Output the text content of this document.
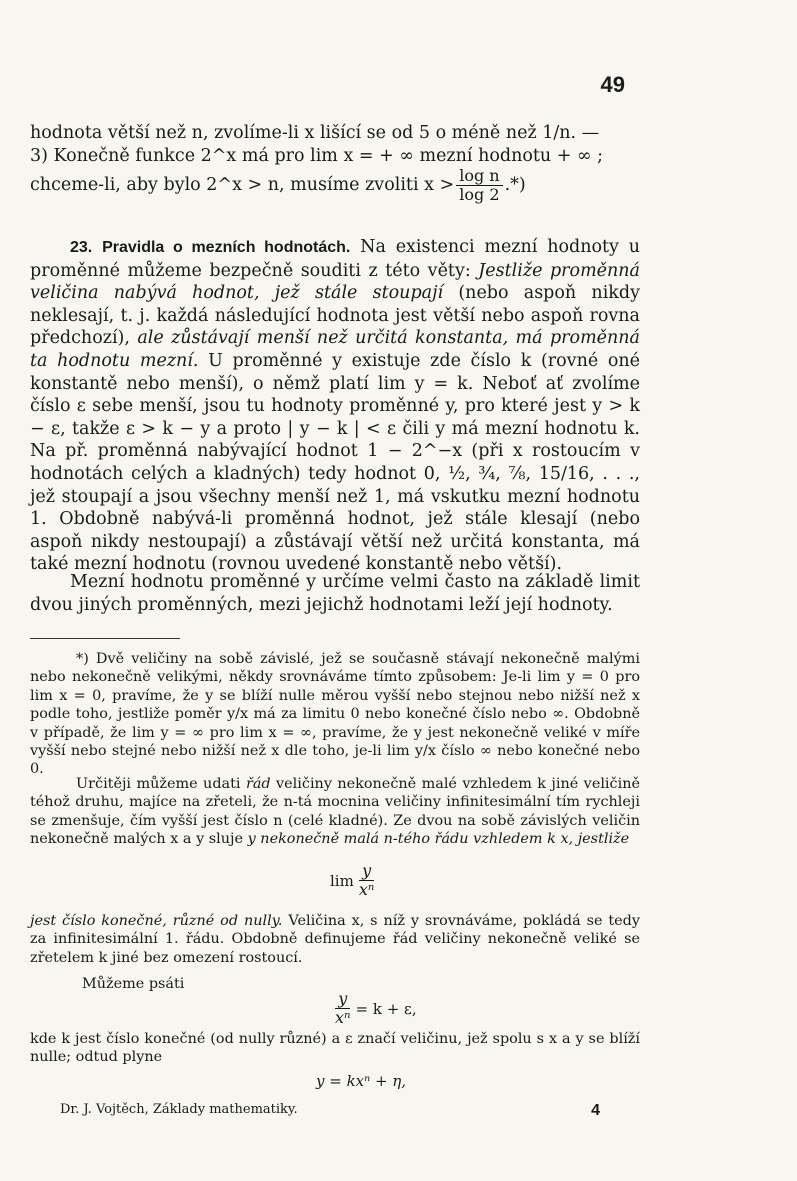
49
hodnota větší než n, zvolíme-li x lišící se od 5 o méně než 1/n. —
3) Konečně funkce 2^x má pro lim x = + ∞ mezní hodnotu + ∞ ;
chceme-li, aby bylo 2^x > n, musíme zvoliti $x > \frac{\text{log n}}{\log 2}$ .*)
23. Pravidla o mezních hodnotách. Na existenci mezní hodnoty u proměnné můžeme bezpečně souditi z této věty: Jestliže proměnná veličina nabývá hodnot, jež stále stoupají (nebo aspoň nikdy neklesají, t. j. každá následující hodnota jest větší nebo aspoň rovna předchozí), ale zůstávají menší než určitá konstanta, má proměnná ta hodnotu mezní. U proměnné y existuje zde číslo k (rovné oné konstantě nebo menší), o němž platí lim y = k. Neboť ať zvolíme číslo ε sebe menší, jsou tu hodnoty proměnné y, pro které jest y > k − ε, takže ε > k − y a proto | y − k | < ε čili y má mezní hodnotu k. Na př. proměnná nabývající hodnot 1 − 2^−x (při x rostoucím v hodnotách celých a kladných) tedy hodnot 0, ½, ¾, ⅞, 15/16, . . ., jež stoupají a jsou všechny menší než 1, má vskutku mezní hodnotu 1. Obdobně nabývá-li proměnná hodnot, jež stále klesají (nebo aspoň nikdy nestoupají) a zůstávají větší než určitá konstanta, má také mezní hodnotu (rovnou uvedené konstantě nebo větší).
Mezní hodnotu proměnné y určíme velmi často na základě limit dvou jiných proměnných, mezi jejichž hodnotami leží její hodnoty.
*) Dvě veličiny na sobě závislé, jež se současně stávají nekonečně malými nebo nekonečně velikými, někdy srovnáváme tímto způsobem: Je-li lim y = 0 pro lim x = 0, pravíme, že y se blíží nulle měrou vyšší nebo stejnou nebo nižší než x podle toho, jestliže poměr y/x má za limitu 0 nebo konečné číslo nebo ∞. Obdobně v případě, že lim y = ∞ pro lim x = ∞, pravíme, že y jest nekonečně veliké v míře vyšší nebo stejné nebo nižší než x dle toho, je-li lim y/x číslo ∞ nebo konečné nebo 0.
Určitěji můžeme udati řád veličiny nekonečně malé vzhledem k jiné veličině téhož druhu, majíce na zřeteli, že n-tá mocnina veličiny infinitesimální tím rychleji se zmenšuje, čím vyšší jest číslo n (celé kladné). Ze dvou na sobě závislých veličin nekonečně malých x a y sluje y nekonečně malá n-tého řádu vzhledem k x, jestliže
$\lim \frac{y}{\text{xⁿ}}$
jest číslo konečné, různé od nully. Veličina x, s níž y srovnáváme, pokládá se tedy za infinitesimální 1. řádu. Obdobně definujeme řád veličiny nekonečně veliké se zřetelem k jiné bez omezení rostoucí.
Můžeme psáti
$\frac{y}{\text{xⁿ}} = k + \varepsilon$,
kde k jest číslo konečné (od nully různé) a ε značí veličinu, jež spolu s x a y se blíží nulle; odtud plyne
y = kxⁿ + η,
Dr. J. Vojtěch, Základy mathematiky.	4
